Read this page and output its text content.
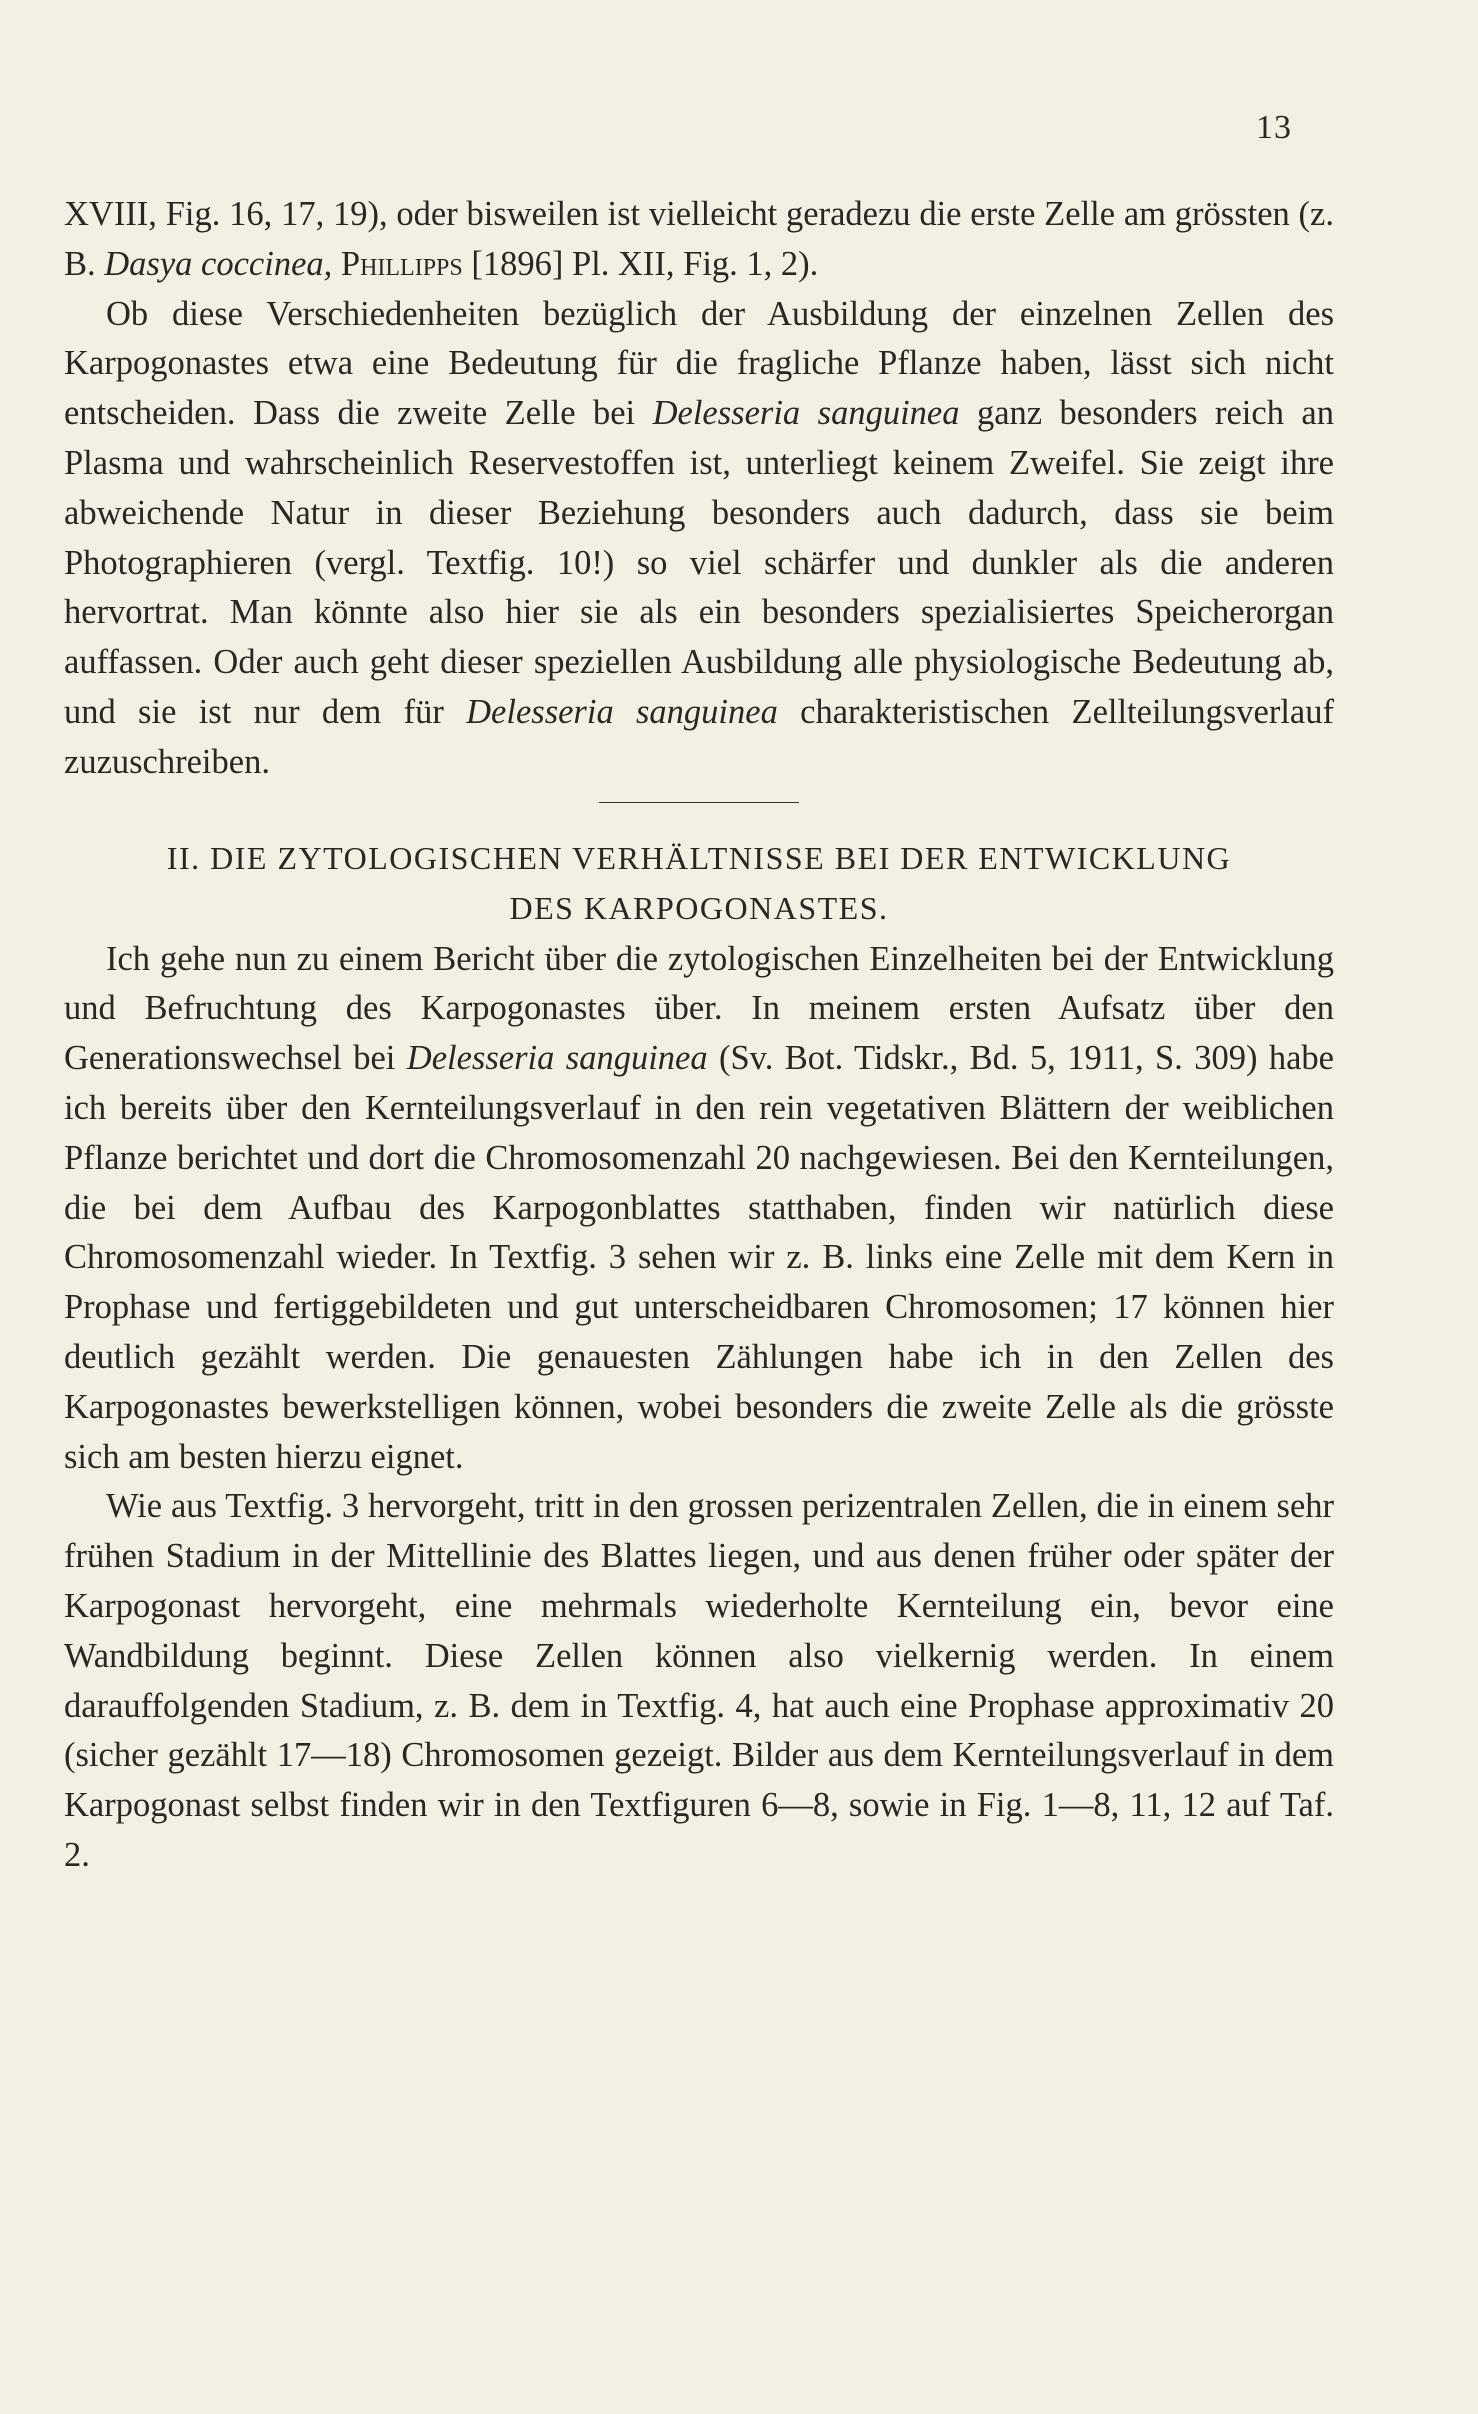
13

XVIII, Fig. 16, 17, 19), oder bisweilen ist vielleicht geradezu die erste Zelle am grössten (z. B. Dasya coccinea, Phillipps [1896] Pl. XII, Fig. 1, 2).

Ob diese Verschiedenheiten bezüglich der Ausbildung der einzelnen Zellen des Karpogonastes etwa eine Bedeutung für die fragliche Pflanze haben, lässt sich nicht entscheiden. Dass die zweite Zelle bei Delesseria sanguinea ganz besonders reich an Plasma und wahrscheinlich Reservestoffen ist, unterliegt keinem Zweifel. Sie zeigt ihre abweichende Natur in dieser Beziehung besonders auch dadurch, dass sie beim Photographieren (vergl. Textfig. 10!) so viel schärfer und dunkler als die anderen hervortrat. Man könnte also hier sie als ein besonders spezialisiertes Speicherorgan auffassen. Oder auch geht dieser speziellen Ausbildung alle physiologische Bedeutung ab, und sie ist nur dem für Delesseria sanguinea charakteristischen Zellteilungsverlauf zuzuschreiben.

II. DIE ZYTOLOGISCHEN VERHÄLTNISSE BEI DER ENTWICKLUNG
DES KARPOGONASTES.

Ich gehe nun zu einem Bericht über die zytologischen Einzelheiten bei der Entwicklung und Befruchtung des Karpogonastes über. In meinem ersten Aufsatz über den Generationswechsel bei Delesseria sanguinea (Sv. Bot. Tidskr., Bd. 5, 1911, S. 309) habe ich bereits über den Kernteilungsverlauf in den rein vegetativen Blättern der weiblichen Pflanze berichtet und dort die Chromosomenzahl 20 nachgewiesen. Bei den Kernteilungen, die bei dem Aufbau des Karpogonblattes statthaben, finden wir natürlich diese Chromosomenzahl wieder. In Textfig. 3 sehen wir z. B. links eine Zelle mit dem Kern in Prophase und fertiggebildeten und gut unterscheidbaren Chromosomen; 17 können hier deutlich gezählt werden. Die genauesten Zählungen habe ich in den Zellen des Karpogonastes bewerkstelligen können, wobei besonders die zweite Zelle als die grösste sich am besten hierzu eignet.

Wie aus Textfig. 3 hervorgeht, tritt in den grossen perizentralen Zellen, die in einem sehr frühen Stadium in der Mittellinie des Blattes liegen, und aus denen früher oder später der Karpogonast hervorgeht, eine mehrmals wiederholte Kernteilung ein, bevor eine Wandbildung beginnt. Diese Zellen können also vielkernig werden. In einem darauffolgenden Stadium, z. B. dem in Textfig. 4, hat auch eine Prophase approximativ 20 (sicher gezählt 17—18) Chromosomen gezeigt. Bilder aus dem Kernteilungsverlauf in dem Karpogonast selbst finden wir in den Textfiguren 6—8, sowie in Fig. 1—8, 11, 12 auf Taf. 2.
